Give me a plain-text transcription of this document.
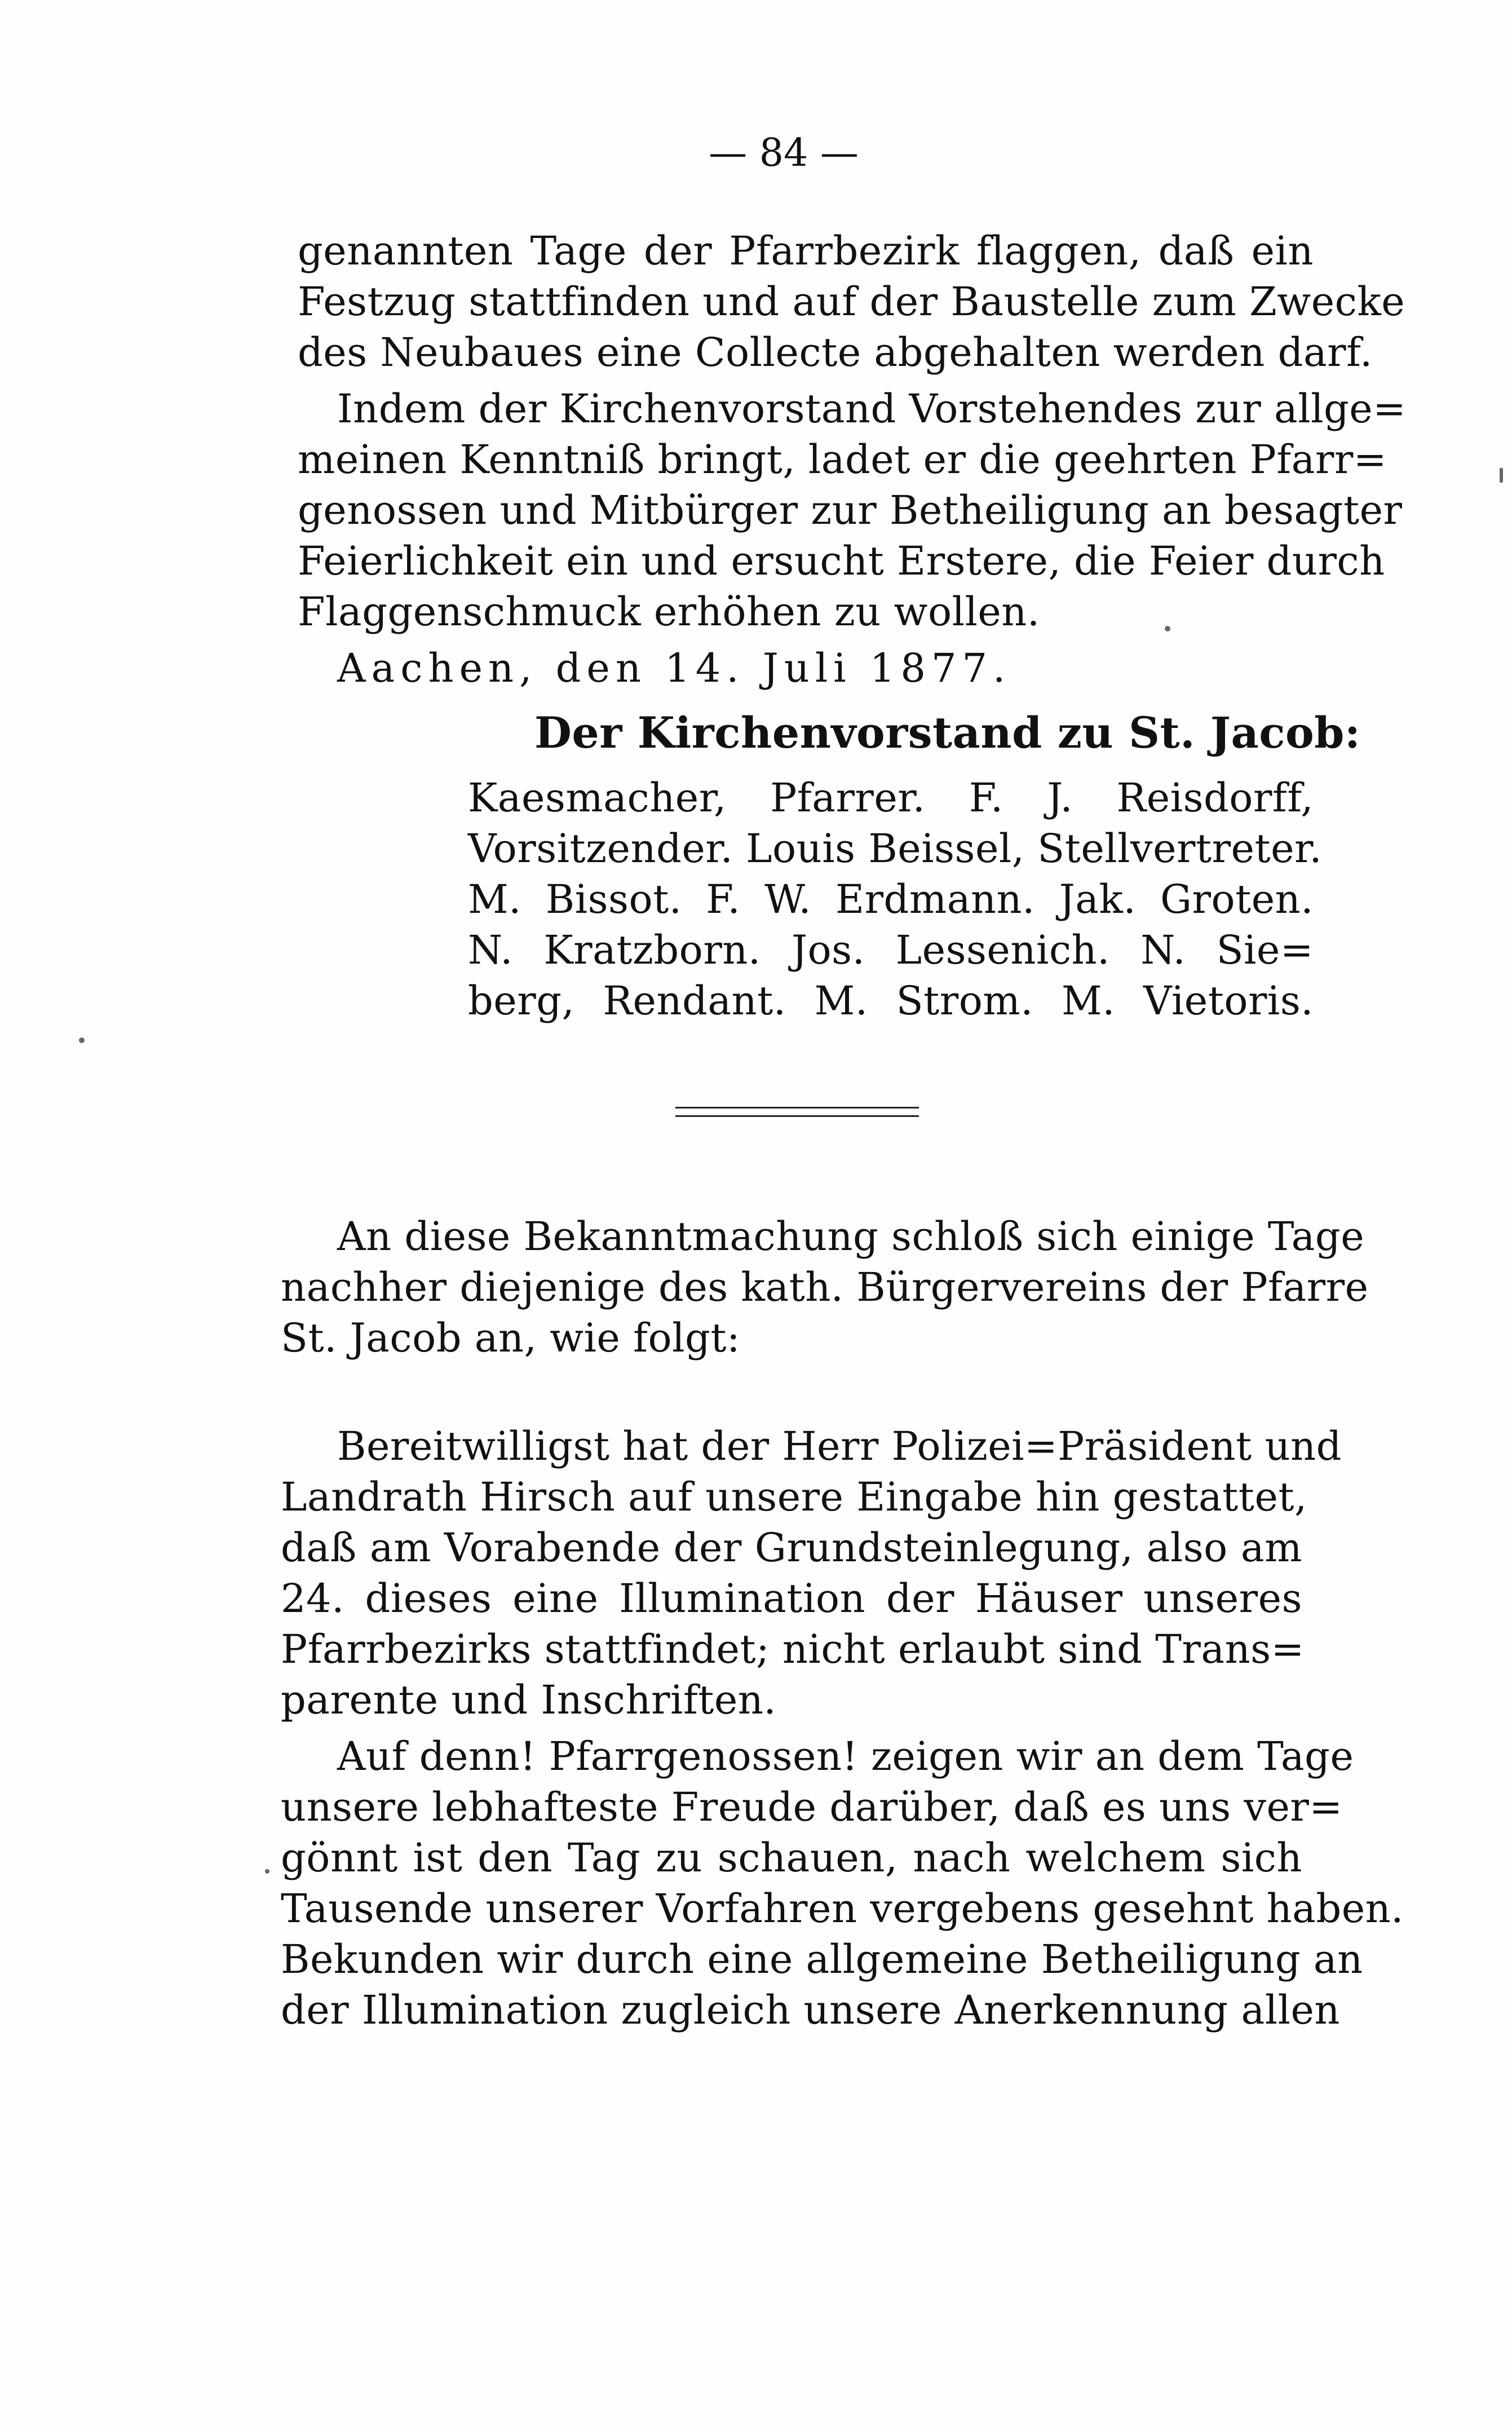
— 84 —
genannten Tage der Pfarrbezirk flaggen, daß ein
Festzug stattfinden und auf der Baustelle zum Zwecke
des Neubaues eine Collecte abgehalten werden darf.
Indem der Kirchenvorstand Vorstehendes zur allge=
meinen Kenntniß bringt, ladet er die geehrten Pfarr=
genossen und Mitbürger zur Betheiligung an besagter
Feierlichkeit ein und ersucht Erstere, die Feier durch
Flaggenschmuck erhöhen zu wollen.
Aachen, den 14. Juli 1877.
Der Kirchenvorstand zu St. Jacob:
Kaesmacher, Pfarrer. F. J. Reisdorff,
Vorsitzender. Louis Beissel, Stellvertreter.
M. Bissot. F. W. Erdmann. Jak. Groten.
N. Kratzborn. Jos. Lessenich. N. Sie=
berg, Rendant. M. Strom. M. Vietoris.
An diese Bekanntmachung schloß sich einige Tage
nachher diejenige des kath. Bürgervereins der Pfarre
St. Jacob an, wie folgt:
Bereitwilligst hat der Herr Polizei=Präsident und
Landrath Hirsch auf unsere Eingabe hin gestattet,
daß am Vorabende der Grundsteinlegung, also am
24. dieses eine Illumination der Häuser unseres
Pfarrbezirks stattfindet; nicht erlaubt sind Trans=
parente und Inschriften.
Auf denn! Pfarrgenossen! zeigen wir an dem Tage
unsere lebhafteste Freude darüber, daß es uns ver=
gönnt ist den Tag zu schauen, nach welchem sich
Tausende unserer Vorfahren vergebens gesehnt haben.
Bekunden wir durch eine allgemeine Betheiligung an
der Illumination zugleich unsere Anerkennung allen
